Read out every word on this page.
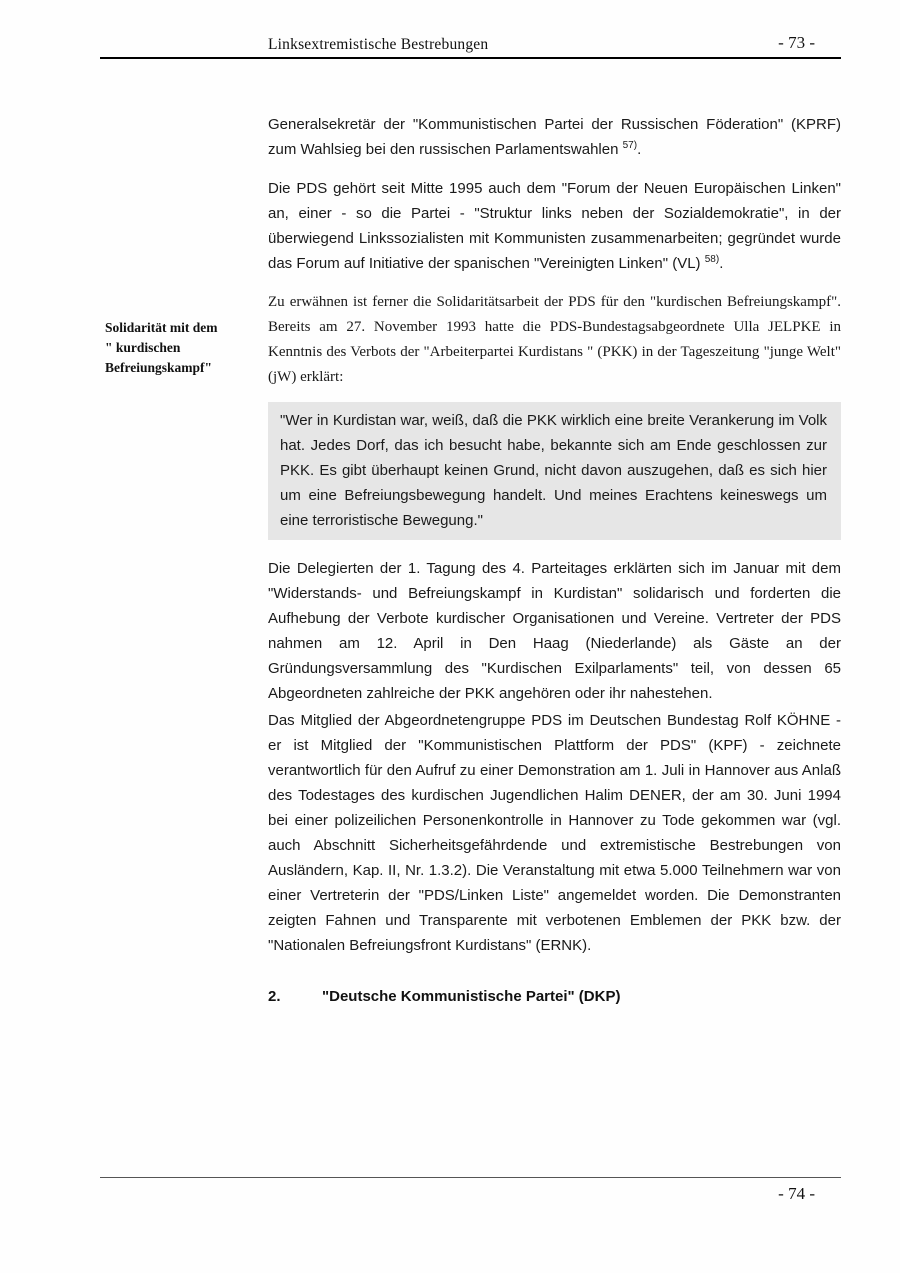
Linksextremistische Bestrebungen	- 73 -
Solidarität mit dem
" kurdischen
Befreiungskampf"

Generalsekretär der "Kommunistischen Partei der Russischen Föderation" (KPRF) zum Wahlsieg bei den russischen Parlamentswahlen $^{57)}$.

Die PDS gehört seit Mitte 1995 auch dem "Forum der Neuen Europäischen Linken" an, einer - so die Partei - "Struktur links neben der Sozialdemokratie", in der überwiegend Linkssozialisten mit Kommunisten zusammenarbeiten; gegründet wurde das Forum auf Initiative der spanischen "Vereinigten Linken" (VL) $^{58)}$.

Zu erwähnen ist ferner die Solidaritätsarbeit der PDS für den "kurdischen Befreiungskampf". Bereits am 27. November 1993 hatte die PDS-Bundestagsabgeordnete Ulla JELPKE in Kenntnis des Verbots der "Arbeiterpartei Kurdistans " (PKK) in der Tageszeitung "junge Welt" (jW) erklärt:

"Wer in Kurdistan war, weiß, daß die PKK wirklich eine breite Verankerung im Volk hat. Jedes Dorf, das ich besucht habe, bekannte sich am Ende geschlossen zur PKK. Es gibt überhaupt keinen Grund, nicht davon auszugehen, daß es sich hier um eine Befreiungsbewegung handelt. Und meines Erachtens keineswegs um eine terroristische Bewegung."

Die Delegierten der 1. Tagung des 4. Parteitages erklärten sich im Januar mit dem "Widerstands- und Befreiungskampf in Kurdistan" solidarisch und forderten die Aufhebung der Verbote kurdischer Organisationen und Vereine. Vertreter der PDS nahmen am 12. April in Den Haag (Niederlande) als Gäste an der Gründungsversammlung des "Kurdischen Exilparlaments" teil, von dessen 65 Abgeordneten zahlreiche der PKK angehören oder ihr nahestehen.

Das Mitglied der Abgeordnetengruppe PDS im Deutschen Bundestag Rolf KÖHNE - er ist Mitglied der "Kommunistischen Plattform der PDS" (KPF) - zeichnete verantwortlich für den Aufruf zu einer Demonstration am 1. Juli in Hannover aus Anlaß des Todestages des kurdischen Jugendlichen Halim DENER, der am 30. Juni 1994 bei einer polizeilichen Personenkontrolle in Hannover zu Tode gekommen war (vgl. auch Abschnitt Sicherheitsgefährdende und extremistische Bestrebungen von Ausländern, Kap. II, Nr. 1.3.2). Die Veranstaltung mit etwa 5.000 Teilnehmern war von einer Vertreterin der "PDS/Linken Liste" angemeldet worden. Die Demonstranten zeigten Fahnen und Transparente mit verbotenen Emblemen der PKK bzw. der "Nationalen Befreiungsfront Kurdistans" (ERNK).

2.	"Deutsche Kommunistische Partei" (DKP)

- 74 -
